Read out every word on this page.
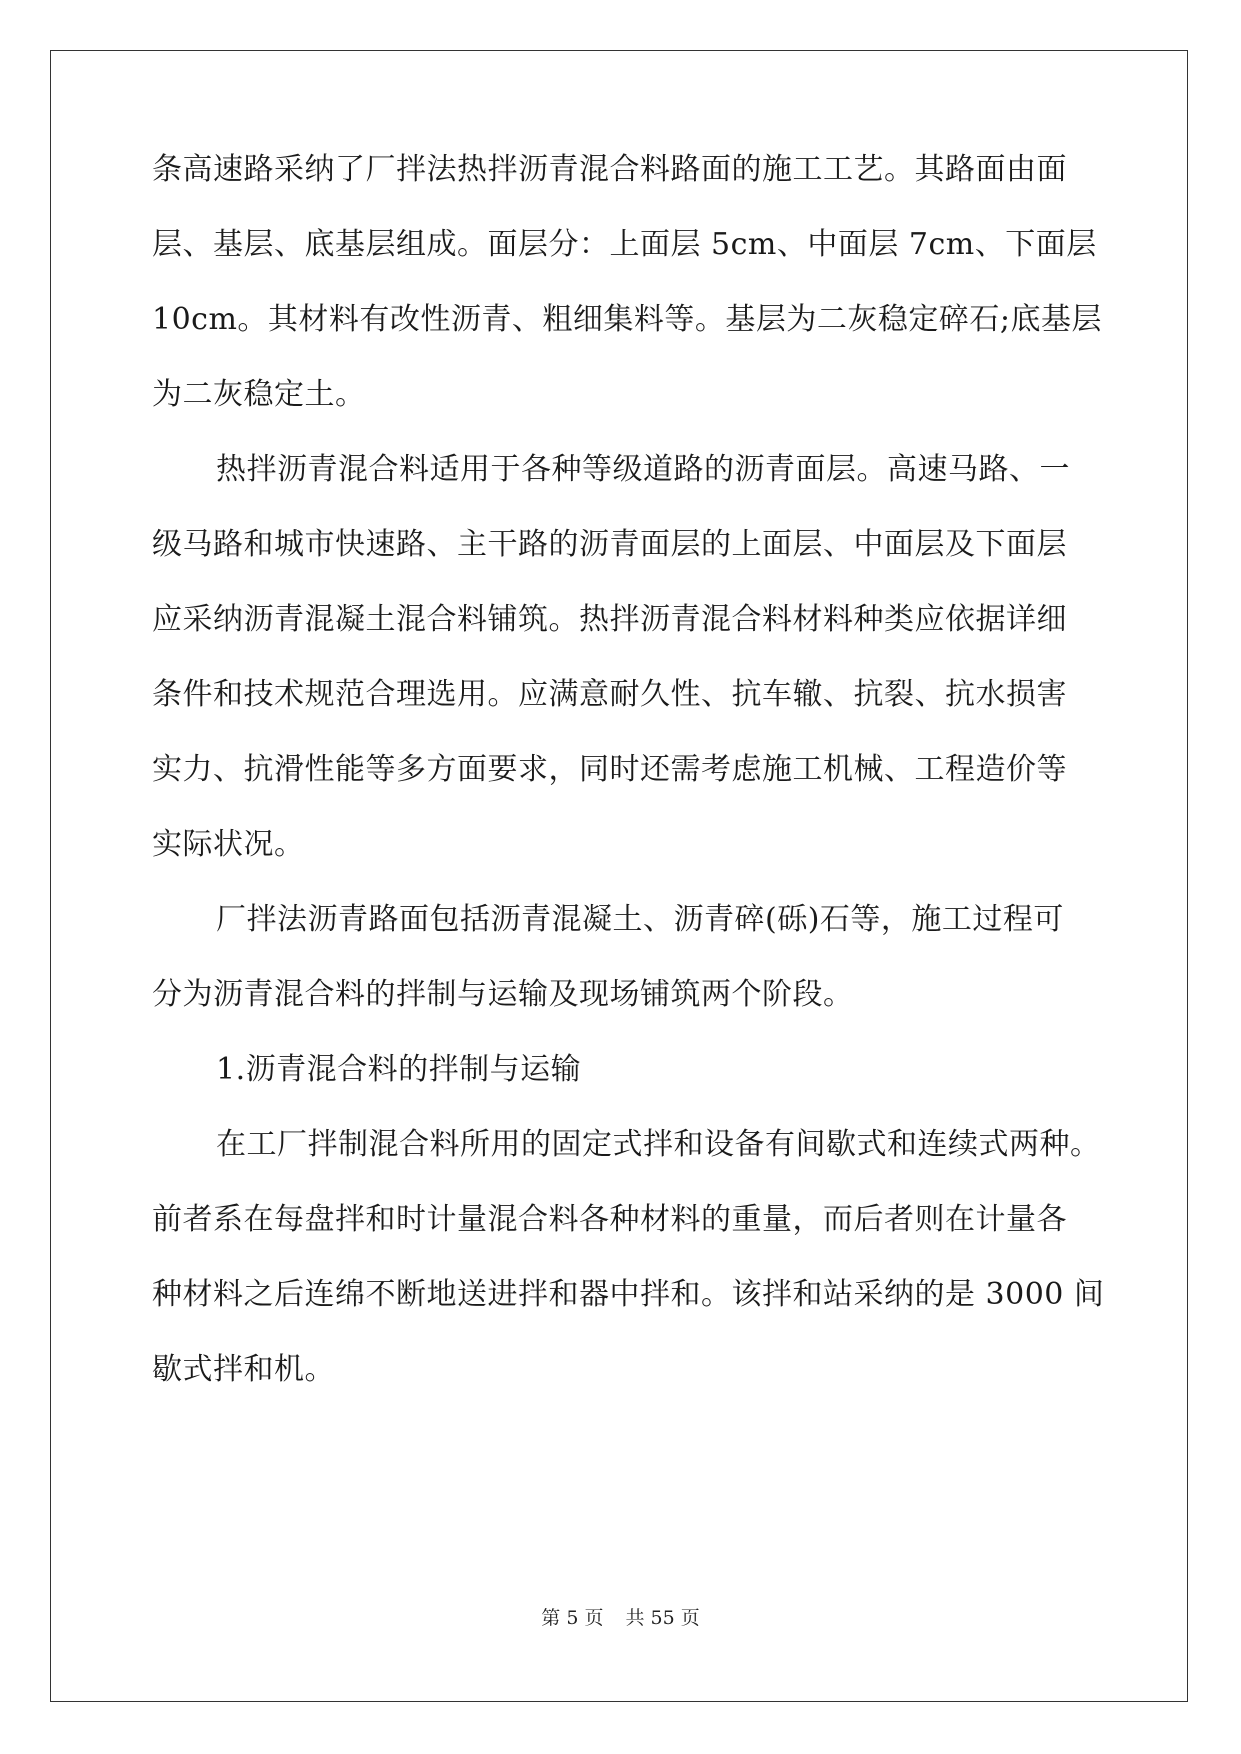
条高速路采纳了厂拌法热拌沥青混合料路面的施工工艺。其路面由面
层、基层、底基层组成。面层分：上面层 5cm、中面层 7cm、下面层
10cm。其材料有改性沥青、粗细集料等。基层为二灰稳定碎石;底基层
为二灰稳定土。
热拌沥青混合料适用于各种等级道路的沥青面层。高速马路、一
级马路和城市快速路、主干路的沥青面层的上面层、中面层及下面层
应采纳沥青混凝土混合料铺筑。热拌沥青混合料材料种类应依据详细
条件和技术规范合理选用。应满意耐久性、抗车辙、抗裂、抗水损害
实力、抗滑性能等多方面要求，同时还需考虑施工机械、工程造价等
实际状况。
厂拌法沥青路面包括沥青混凝土、沥青碎(砾)石等，施工过程可
分为沥青混合料的拌制与运输及现场铺筑两个阶段。
1.沥青混合料的拌制与运输
在工厂拌制混合料所用的固定式拌和设备有间歇式和连续式两种。
前者系在每盘拌和时计量混合料各种材料的重量，而后者则在计量各
种材料之后连绵不断地送进拌和器中拌和。该拌和站采纳的是 3000 间
歇式拌和机。
第 5 页 共 55 页
